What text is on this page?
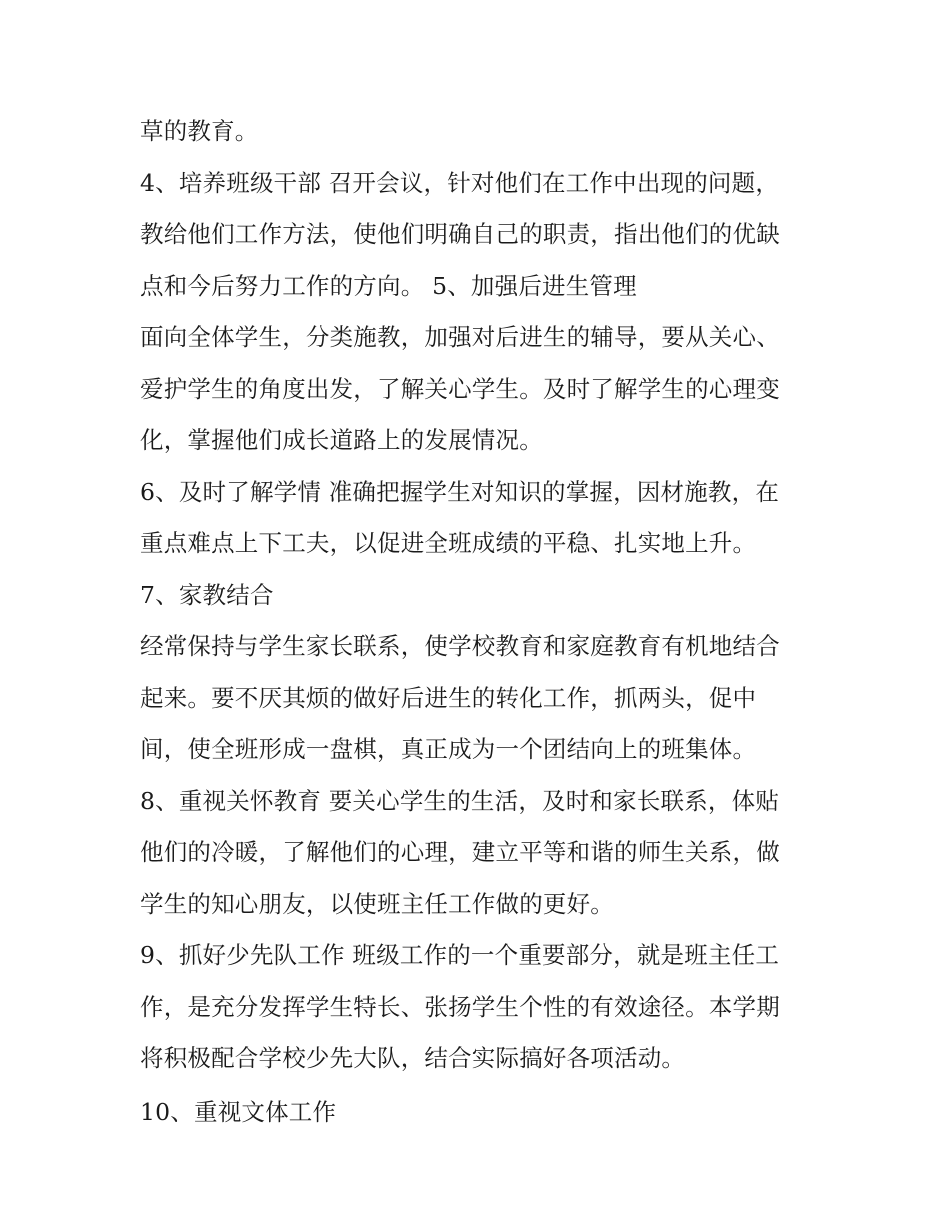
草的教育。
4、培养班级干部 召开会议，针对他们在工作中出现的问题，
教给他们工作方法，使他们明确自己的职责，指出他们的优缺
点和今后努力工作的方向。 5、加强后进生管理
面向全体学生，分类施教，加强对后进生的辅导，要从关心、
爱护学生的角度出发，了解关心学生。及时了解学生的心理变
化，掌握他们成长道路上的发展情况。
6、及时了解学情 准确把握学生对知识的掌握，因材施教，在
重点难点上下工夫，以促进全班成绩的平稳、扎实地上升。
7、家教结合
经常保持与学生家长联系，使学校教育和家庭教育有机地结合
起来。要不厌其烦的做好后进生的转化工作，抓两头，促中
间，使全班形成一盘棋，真正成为一个团结向上的班集体。
8、重视关怀教育 要关心学生的生活，及时和家长联系，体贴
他们的冷暖，了解他们的心理，建立平等和谐的师生关系，做
学生的知心朋友，以使班主任工作做的更好。
9、抓好少先队工作 班级工作的一个重要部分，就是班主任工
作，是充分发挥学生特长、张扬学生个性的有效途径。本学期
将积极配合学校少先大队，结合实际搞好各项活动。
10、重视文体工作
